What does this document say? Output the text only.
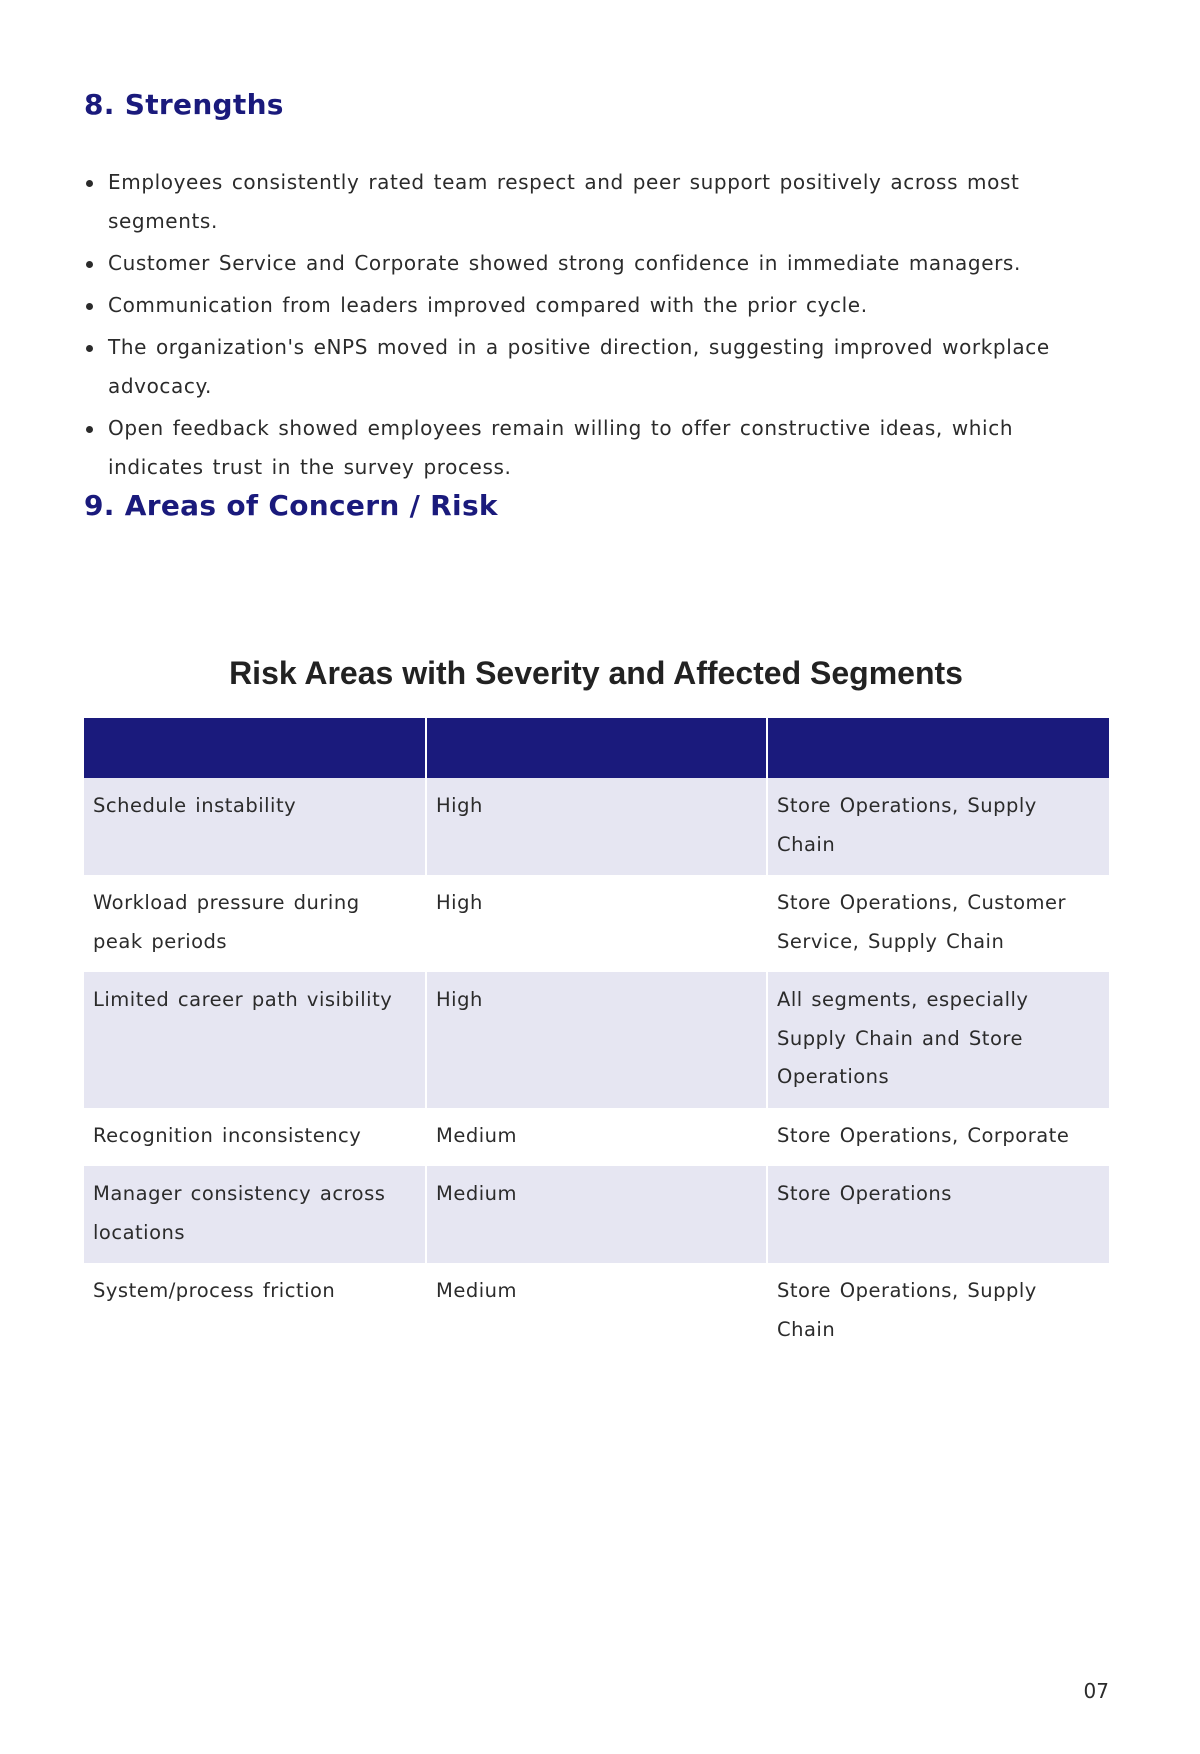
8. Strengths
Employees consistently rated team respect and peer support positively across most segments.
Customer Service and Corporate showed strong confidence in immediate managers.
Communication from leaders improved compared with the prior cycle.
The organization's eNPS moved in a positive direction, suggesting improved workplace advocacy.
Open feedback showed employees remain willing to offer constructive ideas, which indicates trust in the survey process.
9. Areas of Concern / Risk
Risk Areas with Severity and Affected Segments

Schedule instability	High	Store Operations, Supply Chain
Workload pressure during peak periods	High	Store Operations, Customer Service, Supply Chain
Limited career path visibility	High	All segments, especially Supply Chain and Store Operations
Recognition inconsistency	Medium	Store Operations, Corporate
Manager consistency across locations	Medium	Store Operations
System/process friction	Medium	Store Operations, Supply Chain
07
